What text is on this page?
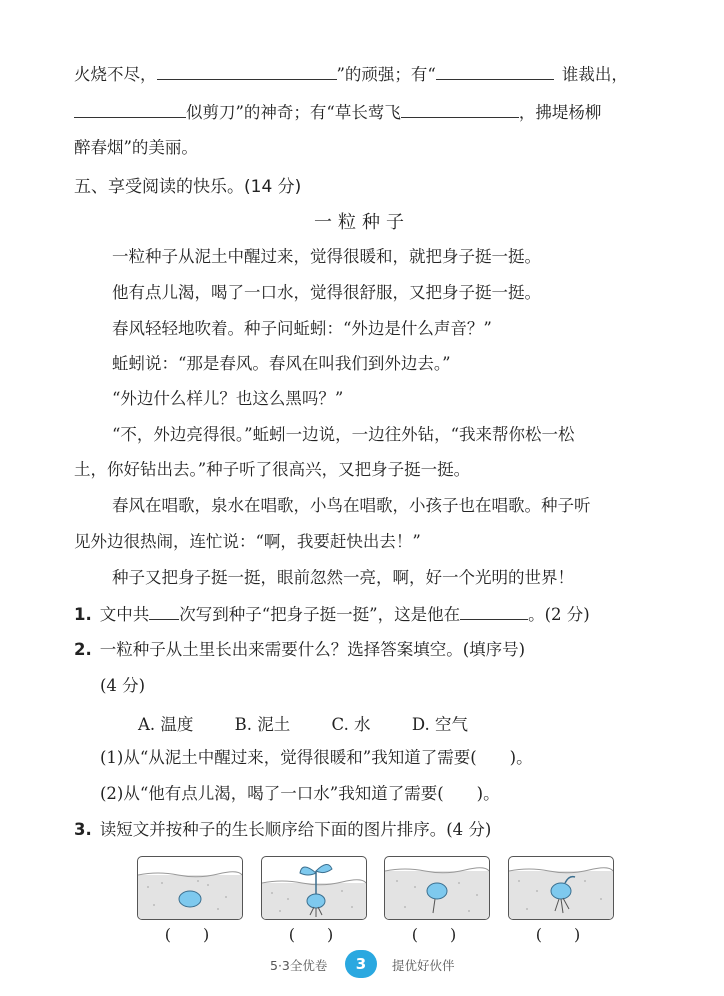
火烧不尽，	”的顽强；有“	谁裁出，
似剪刀”的神奇；有“草长莺飞	，拂堤杨柳
醉春烟”的美丽。
五、享受阅读的快乐。(14 分)
一粒种子
一粒种子从泥土中醒过来，觉得很暖和，就把身子挺一挺。
他有点儿渴，喝了一口水，觉得很舒服，又把身子挺一挺。
春风轻轻地吹着。种子问蚯蚓：“外边是什么声音？”
蚯蚓说：“那是春风。春风在叫我们到外边去。”
“外边什么样儿？也这么黑吗？”
“不，外边亮得很。”蚯蚓一边说，一边往外钻，“我来帮你松一松
土，你好钻出去。”种子听了很高兴，又把身子挺一挺。
春风在唱歌，泉水在唱歌，小鸟在唱歌，小孩子也在唱歌。种子听
见外边很热闹，连忙说：“啊，我要赶快出去！”
种子又把身子挺一挺，眼前忽然一亮，啊，好一个光明的世界！
1. 文中共 次写到种子“把身子挺一挺”，这是他在	。(2 分)
2. 一粒种子从土里长出来需要什么？选择答案填空。(填序号)
(4 分)
A. 温度	B. 泥土	C. 水	D. 空气
(1)从“从泥土中醒过来，觉得很暖和”我知道了需要(　　)。
(2)从“他有点儿渴，喝了一口水”我知道了需要(　　)。
3. 读短文并按种子的生长顺序给下面的图片排序。(4 分)
(　　)	(　　)	(　　)	(　　)
5·3全优卷	3	提优好伙伴
